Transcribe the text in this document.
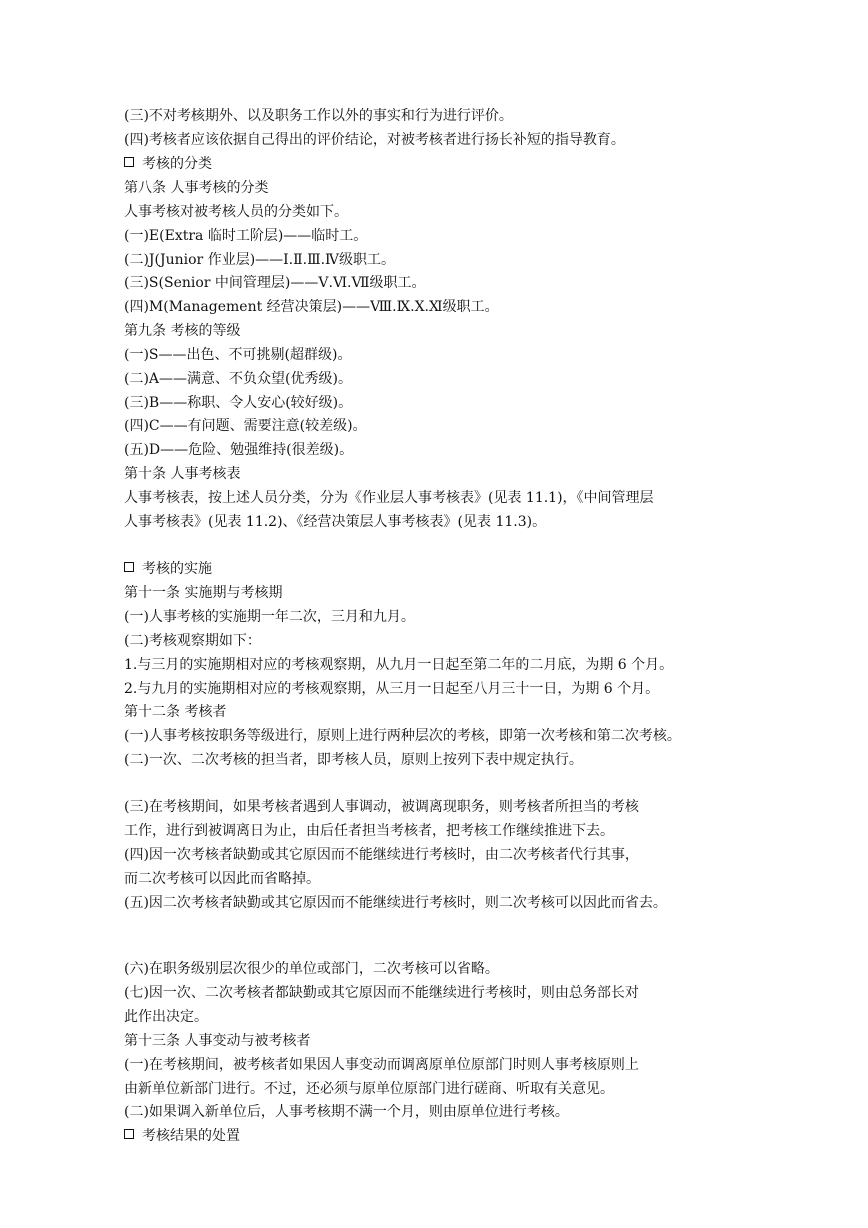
(三)不对考核期外、以及职务工作以外的事实和行为进行评价。
(四)考核者应该依据自己得出的评价结论，对被考核者进行扬长补短的指导教育。
考核的分类
第八条 人事考核的分类
人事考核对被考核人员的分类如下。
(一)E(Extra 临时工阶层)——临时工。
(二)J(Junior 作业层)——Ⅰ.Ⅱ.Ⅲ.Ⅳ级职工。
(三)S(Senior 中间管理层)——Ⅴ.Ⅵ.Ⅶ级职工。
(四)M(Management 经营决策层)——Ⅷ.Ⅸ.Ⅹ.Ⅺ级职工。
第九条 考核的等级
(一)S——出色、不可挑剔(超群级)。
(二)A——满意、不负众望(优秀级)。
(三)B——称职、令人安心(较好级)。
(四)C——有问题、需要注意(较差级)。
(五)D——危险、勉强维持(很差级)。
第十条 人事考核表
人事考核表，按上述人员分类，分为《作业层人事考核表》(见表 11.1)，《中间管理层
人事考核表》(见表 11.2)、《经营决策层人事考核表》(见表 11.3)。
考核的实施
第十一条 实施期与考核期
(一)人事考核的实施期一年二次，三月和九月。
(二)考核观察期如下：
1.与三月的实施期相对应的考核观察期，从九月一日起至第二年的二月底，为期 6 个月。
2.与九月的实施期相对应的考核观察期，从三月一日起至八月三十一日，为期 6 个月。
第十二条 考核者
(一)人事考核按职务等级进行，原则上进行两种层次的考核，即第一次考核和第二次考核。
(二)一次、二次考核的担当者，即考核人员，原则上按列下表中规定执行。
(三)在考核期间，如果考核者遇到人事调动，被调离现职务，则考核者所担当的考核
工作，进行到被调离日为止，由后任者担当考核者，把考核工作继续推进下去。
(四)因一次考核者缺勤或其它原因而不能继续进行考核时，由二次考核者代行其事，
而二次考核可以因此而省略掉。
(五)因二次考核者缺勤或其它原因而不能继续进行考核时，则二次考核可以因此而省去。
(六)在职务级别层次很少的单位或部门，二次考核可以省略。
(七)因一次、二次考核者都缺勤或其它原因而不能继续进行考核时，则由总务部长对
此作出决定。
第十三条 人事变动与被考核者
(一)在考核期间，被考核者如果因人事变动而调离原单位原部门时则人事考核原则上
由新单位新部门进行。不过，还必须与原单位原部门进行磋商、听取有关意见。
(二)如果调入新单位后，人事考核期不满一个月，则由原单位进行考核。
考核结果的处置
